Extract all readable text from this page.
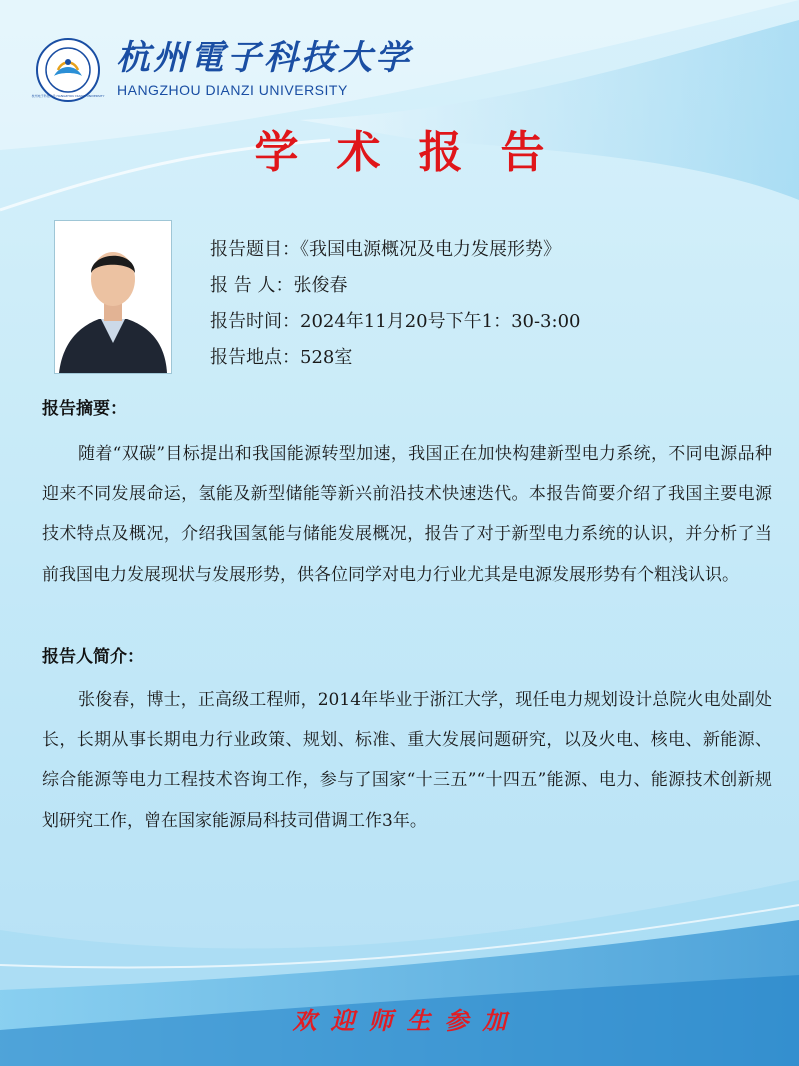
杭州电子科技大学 HANGZHOU DIANZI UNIVERSITY
杭州電子科技大学
HANGZHOU DIANZI UNIVERSITY
学术报告
报告题目：《我国电源概况及电力发展形势》
报 告 人：张俊春
报告时间：2024年11月20号下午1：30-3:00
报告地点：528室
报告摘要：

随着“双碳”目标提出和我国能源转型加速，我国正在加快构建新型电力系统，不同电源品种迎来不同发展命运，氢能及新型储能等新兴前沿技术快速迭代。本报告简要介绍了我国主要电源技术特点及概况，介绍我国氢能与储能发展概况，报告了对于新型电力系统的认识，并分析了当前我国电力发展现状与发展形势，供各位同学对电力行业尤其是电源发展形势有个粗浅认识。

报告人简介：

张俊春，博士，正高级工程师，2014年毕业于浙江大学，现任电力规划设计总院火电处副处长，长期从事长期电力行业政策、规划、标准、重大发展问题研究，以及火电、核电、新能源、综合能源等电力工程技术咨询工作，参与了国家“十三五”“十四五”能源、电力、能源技术创新规划研究工作，曾在国家能源局科技司借调工作3年。

欢迎师生参加
